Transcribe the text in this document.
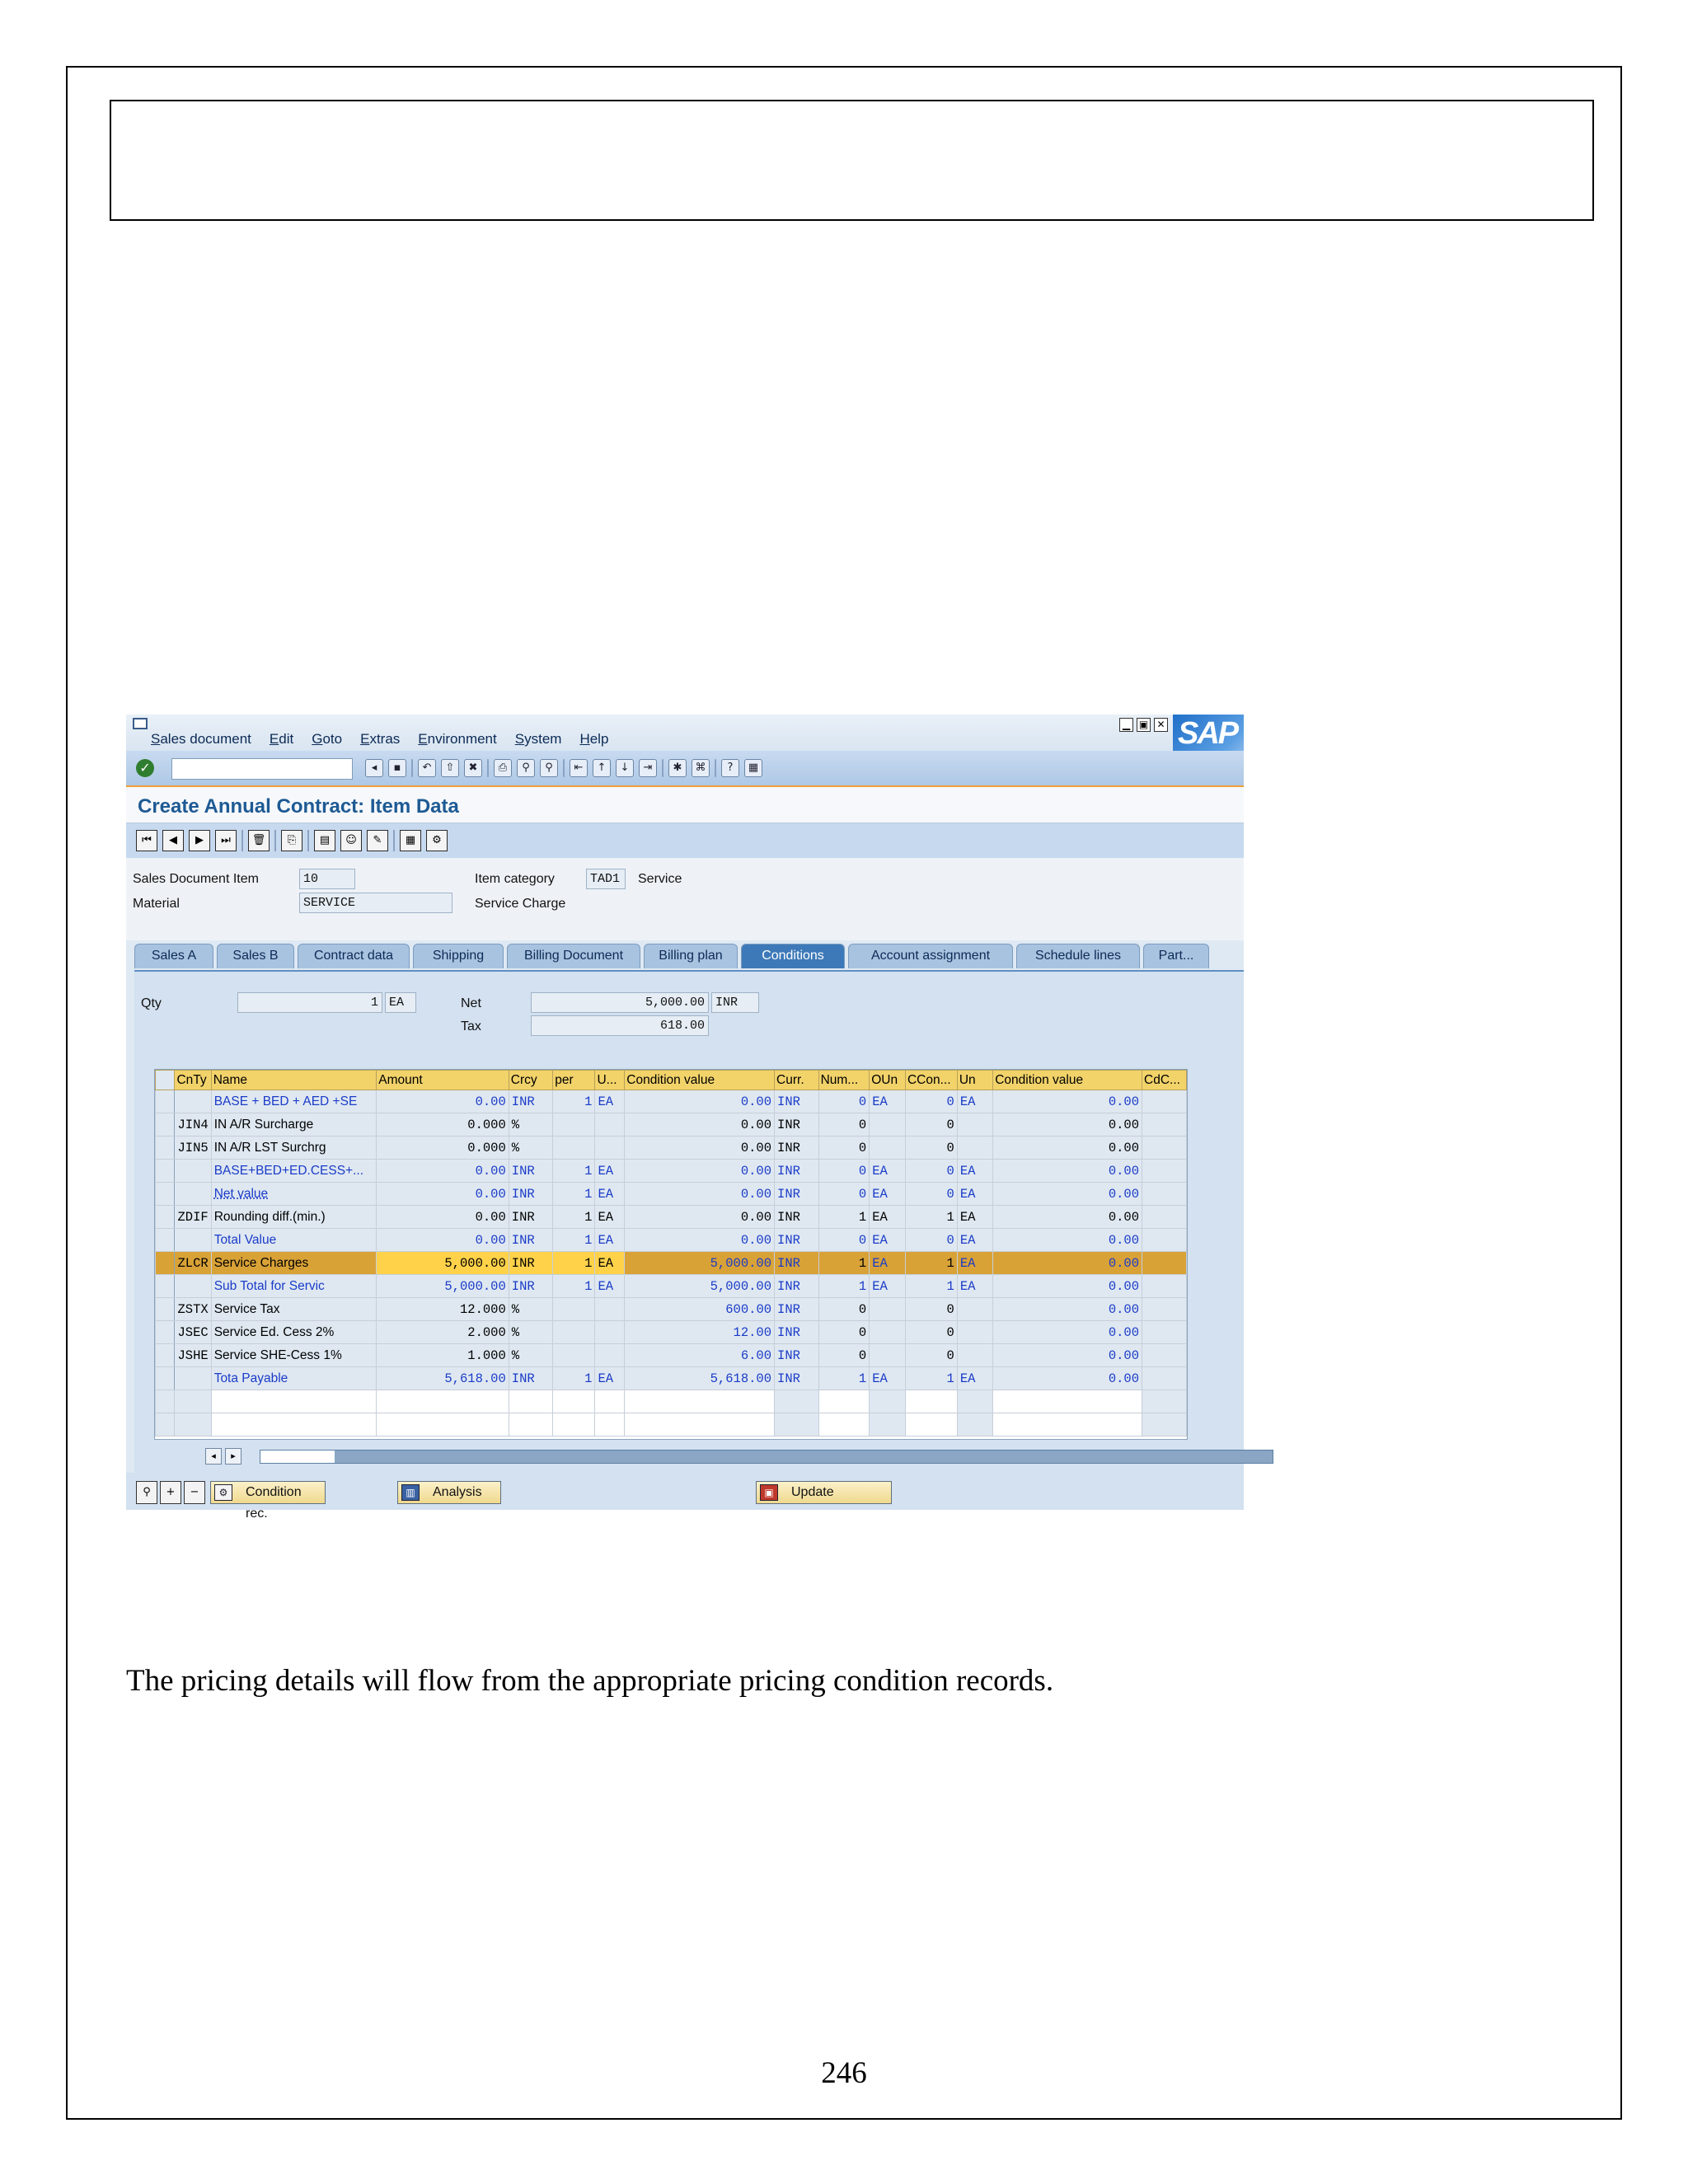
Sales document Edit Goto Extras Environment System Help
▁ ▣ ✕ SAP
✓	◂	▪	↶	⇧	✖	⎙	⚲	⚲	⇤	↑	↓	⇥	✱	⌘	?	▦
Create Annual Contract: Item Data
⏮	◀	▶	⏭	🗑	⎘	▤	☺	✎	▦	⚙
Sales Document Item	10	Item category	TAD1	Service
Material	SERVICE	Service Charge
Sales A	Sales B	Contract data	Shipping	Billing Document	Billing plan	Conditions	Account assignment	Schedule lines	Part...
Qty	1 EA	Net	5,000.00 INR
Tax	618.00
	CnTy	Name	Amount	Crcy	per	U...	Condition value	Curr.	Num...	OUn	CCon...	Un	Condition value	CdC...
		BASE + BED + AED +SE	0.00	INR	1	EA	0.00	INR	0	EA	0	EA	0.00	
	JIN4	IN A/R Surcharge	0.000	%			0.00	INR	0		0		0.00	
	JIN5	IN A/R LST Surchrg	0.000	%			0.00	INR	0		0		0.00	
		BASE+BED+ED.CESS+...	0.00	INR	1	EA	0.00	INR	0	EA	0	EA	0.00	
		Net value	0.00	INR	1	EA	0.00	INR	0	EA	0	EA	0.00	
	ZDIF	Rounding diff.(min.)	0.00	INR	1	EA	0.00	INR	1	EA	1	EA	0.00	
		Total Value	0.00	INR	1	EA	0.00	INR	0	EA	0	EA	0.00	
	ZLCR	Service Charges	5,000.00	INR	1	EA	5,000.00	INR	1	EA	1	EA	0.00	
		Sub Total for Servic	5,000.00	INR	1	EA	5,000.00	INR	1	EA	1	EA	0.00	
	ZSTX	Service Tax	12.000	%			600.00	INR	0		0		0.00	
	JSEC	Service Ed. Cess 2%	2.000	%			12.00	INR	0		0		0.00	
	JSHE	Service SHE-Cess 1%	1.000	%			6.00	INR	0		0		0.00	
		Tota Payable	5,618.00	INR	1	EA	5,618.00	INR	1	EA	1	EA	0.00	

◂	▸
⚲	+	−	⚙	Condition rec.
▥	Analysis	▣	Update
The pricing details will flow from the appropriate pricing condition records.
246
